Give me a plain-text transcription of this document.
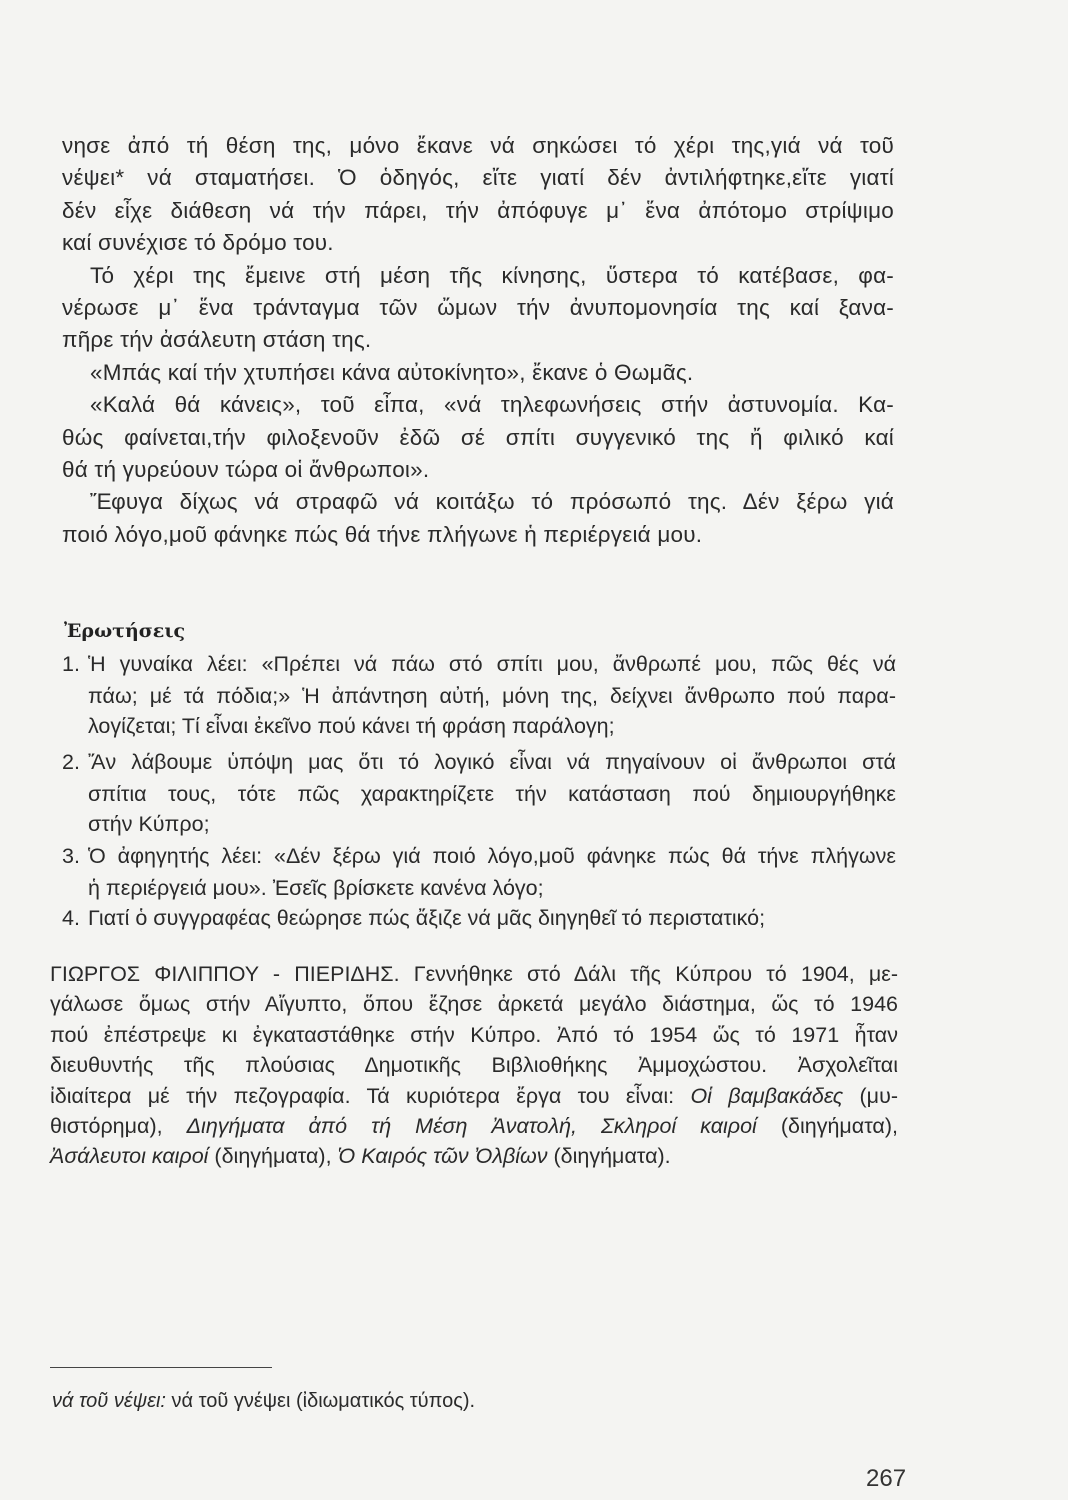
νησε ἀπό τή θέση της, μόνο ἔκανε νά σηκώσει τό χέρι της,γιά νά τοῦ
νέψει* νά σταματήσει. Ὁ ὁδηγός, εἴτε γιατί δέν ἀντιλήφτηκε,εἴτε γιατί
δέν εἶχε διάθεση νά τήν πάρει, τήν ἀπόφυγε μ᾿ ἕνα ἀπότομο στρίψιμο
καί συνέχισε τό δρόμο του.
Τό χέρι της ἔμεινε στή μέση τῆς κίνησης, ὕστερα τό κατέβασε, φα-
νέρωσε μ᾿ ἕνα τράνταγμα τῶν ὤμων τήν ἀνυπομονησία της καί ξανα-
πῆρε τήν ἀσάλευτη στάση της.
«Μπάς καί τήν χτυπήσει κάνα αὐτοκίνητο», ἔκανε ὁ Θωμᾶς.
«Καλά θά κάνεις», τοῦ εἶπα, «νά τηλεφωνήσεις στήν ἀστυνομία. Κα-
θώς φαίνεται,τήν φιλοξενοῦν ἐδῶ σέ σπίτι συγγενικό της ἤ φιλικό καί
θά τή γυρεύουν τώρα οἱ ἄνθρωποι».
Ἔφυγα δίχως νά στραφῶ νά κοιτάξω τό πρόσωπό της. Δέν ξέρω γιά
ποιό λόγο,μοῦ φάνηκε πώς θά τήνε πλήγωνε ἡ περιέργειά μου.
Ἐρωτήσεις
1. Ἡ γυναίκα λέει: «Πρέπει νά πάω στό σπίτι μου, ἄνθρωπέ μου, πῶς θές νά
πάω; μέ τά πόδια;» Ἡ ἀπάντηση αὐτή, μόνη της, δείχνει ἄνθρωπο πού παρα-
λογίζεται; Τί εἶναι ἐκεῖνο πού κάνει τή φράση παράλογη;
2. Ἄν λάβουμε ὑπόψη μας ὅτι τό λογικό εἶναι νά πηγαίνουν οἱ ἄνθρωποι στά
σπίτια τους, τότε πῶς χαρακτηρίζετε τήν κατάσταση πού δημιουργήθηκε
στήν Κύπρο;
3. Ὁ ἀφηγητής λέει: «Δέν ξέρω γιά ποιό λόγο,μοῦ φάνηκε πώς θά τήνε πλήγωνε
ἡ περιέργειά μου». Ἐσεῖς βρίσκετε κανένα λόγο;
4. Γιατί ὁ συγγραφέας θεώρησε πώς ἄξιζε νά μᾶς διηγηθεῖ τό περιστατικό;
ΓΙΩΡΓΟΣ ΦΙΛΙΠΠΟΥ - ΠΙΕΡΙΔΗΣ. Γεννήθηκε στό Δάλι τῆς Κύπρου τό 1904, με-
γάλωσε ὅμως στήν Αἴγυπτο, ὅπου ἔζησε ἀρκετά μεγάλο διάστημα, ὥς τό 1946
πού ἐπέστρεψε κι ἐγκαταστάθηκε στήν Κύπρο. Ἀπό τό 1954 ὥς τό 1971 ἦταν
διευθυντής τῆς πλούσιας Δημοτικῆς Βιβλιοθήκης Ἀμμοχώστου. Ἀσχολεῖται
ἰδιαίτερα μέ τήν πεζογραφία. Τά κυριότερα ἔργα του εἶναι: Οἱ βαμβακάδες (μυ-
θιστόρημα), Διηγήματα ἀπό τή Μέση Ἀνατολή, Σκληροί καιροί (διηγήματα),
Ἀσάλευτοι καιροί (διηγήματα), Ὁ Καιρός τῶν Ὀλβίων (διηγήματα).
νά τοῦ νέψει: νά τοῦ γνέψει (ἰδιωματικός τύπος).
267
